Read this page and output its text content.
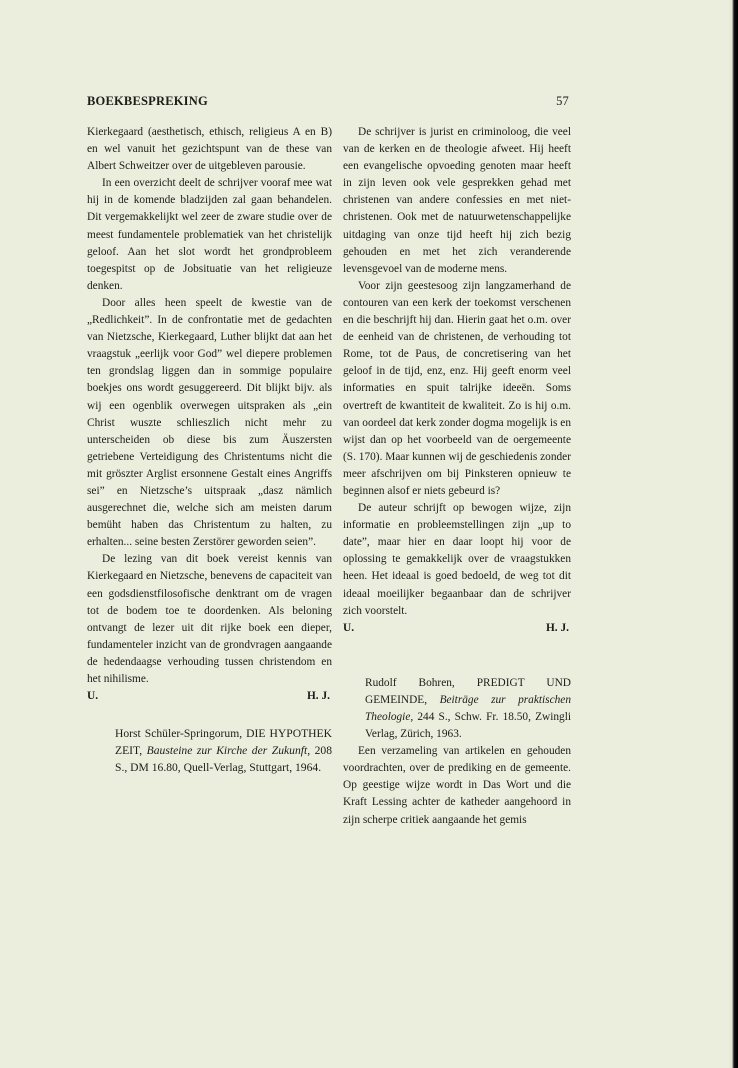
BOEKBESPREKING	57

Kierkegaard (aesthetisch, ethisch, religieus A en B) en wel vanuit het gezichtspunt van de these van Albert Schweitzer over de uitgebleven parousie.

In een overzicht deelt de schrijver vooraf mee wat hij in de komende bladzijden zal gaan behandelen. Dit vergemakkelijkt wel zeer de zware studie over de meest fundamentele problematiek van het christelijk geloof. Aan het slot wordt het grondprobleem toegespitst op de Jobsituatie van het religieuze denken.

Door alles heen speelt de kwestie van de „Redlichkeit”. In de confrontatie met de gedachten van Nietzsche, Kierkegaard, Luther blijkt dat aan het vraagstuk „eerlijk voor God” wel diepere problemen ten grondslag liggen dan in sommige populaire boekjes ons wordt gesuggereerd. Dit blijkt bijv. als wij een ogenblik overwegen uitspraken als „ein Christ wuszte schlieszlich nicht mehr zu unterscheiden ob diese bis zum Äuszersten getriebene Verteidigung des Christentums nicht die mit gröszter Arglist ersonnene Gestalt eines Angriffs sei” en Nietzsche’s uitspraak „dasz nämlich ausgerechnet die, welche sich am meisten darum bemüht haben das Christentum zu halten, zu erhalten... seine besten Zerstörer geworden seien”.

De lezing van dit boek vereist kennis van Kierkegaard en Nietzsche, benevens de capaciteit van een godsdienstfilosofische denktrant om de vragen tot de bodem toe te doordenken. Als beloning ontvangt de lezer uit dit rijke boek een dieper, fundamenteler inzicht van de grondvragen aangaande de hedendaagse verhouding tussen christendom en het nihilisme.

U.	H. J.
Horst Schüler-Springorum, DIE HYPOTHEK ZEIT, Bausteine zur Kirche der Zukunft, 208 S., DM 16.80, Quell-Verlag, Stuttgart, 1964.

De schrijver is jurist en criminoloog, die veel van de kerken en de theologie afweet. Hij heeft een evangelische opvoeding genoten maar heeft in zijn leven ook vele gesprekken gehad met christenen van andere confessies en met niet-christenen. Ook met de natuurwetenschappelijke uitdaging van onze tijd heeft hij zich bezig gehouden en met het zich veranderende levensgevoel van de moderne mens.

Voor zijn geestesoog zijn langzamerhand de contouren van een kerk der toekomst verschenen en die beschrijft hij dan. Hierin gaat het o.m. over de eenheid van de christenen, de verhouding tot Rome, tot de Paus, de concretisering van het geloof in de tijd, enz, enz. Hij geeft enorm veel informaties en spuit talrijke ideeën. Soms overtreft de kwantiteit de kwaliteit. Zo is hij o.m. van oordeel dat kerk zonder dogma mogelijk is en wijst dan op het voorbeeld van de oergemeente (S. 170). Maar kunnen wij de geschiedenis zonder meer afschrijven om bij Pinksteren opnieuw te beginnen alsof er niets gebeurd is?

De auteur schrijft op bewogen wijze, zijn informatie en probleemstellingen zijn „up to date”, maar hier en daar loopt hij voor de oplossing te gemakkelijk over de vraagstukken heen. Het ideaal is goed bedoeld, de weg tot dit ideaal moeilijker begaanbaar dan de schrijver zich voorstelt.

U.	H. J.
Rudolf Bohren, PREDIGT UND GEMEINDE, Beiträge zur praktischen Theologie, 244 S., Schw. Fr. 18.50, Zwingli Verlag, Zürich, 1963.

Een verzameling van artikelen en gehouden voordrachten, over de prediking en de gemeente. Op geestige wijze wordt in Das Wort und die Kraft Lessing achter de katheder aangehoord in zijn scherpe critiek aangaande het gemis
